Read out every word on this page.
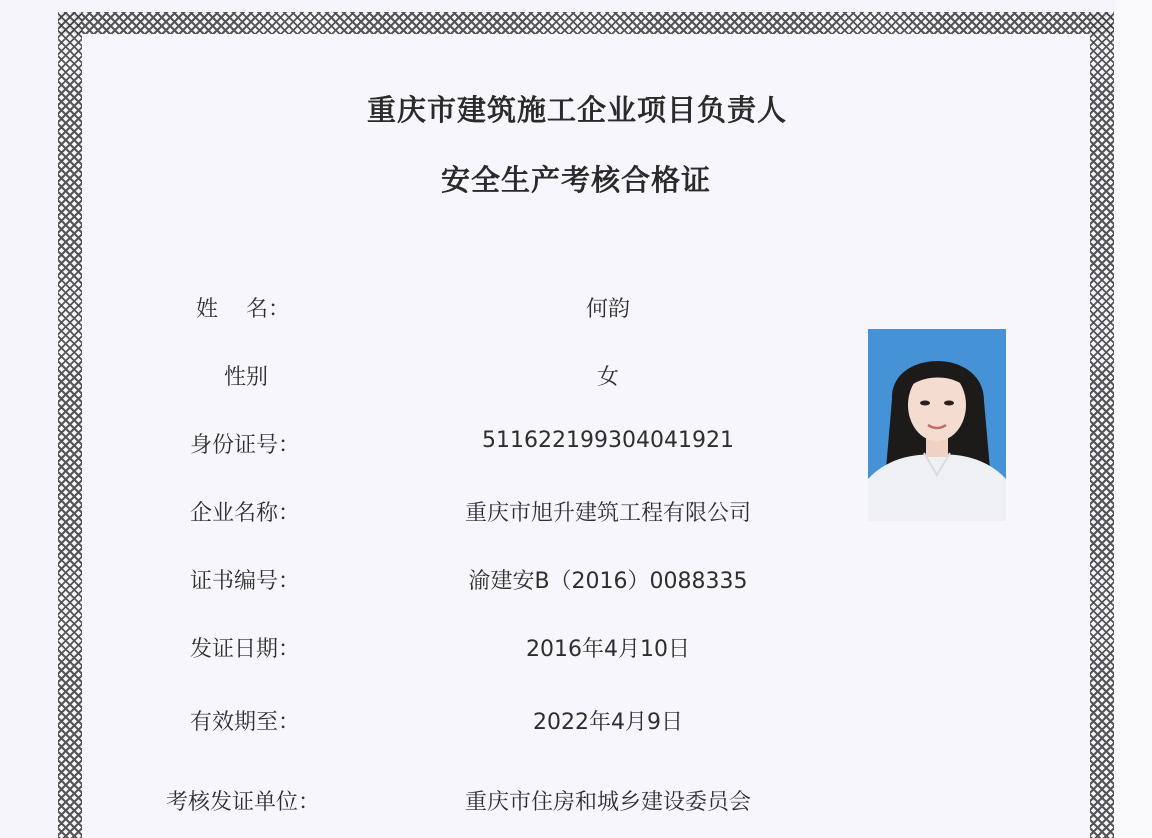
重庆市建筑施工企业项目负责人
安全生产考核合格证
姓    名：	何韵
性别	女
身份证号：	511622199304041921
企业名称：	重庆市旭升建筑工程有限公司
证书编号：	渝建安B（2016）0088335
发证日期：	2016年4月10日
有效期至：	2022年4月9日
考核发证单位：	重庆市住房和城乡建设委员会
